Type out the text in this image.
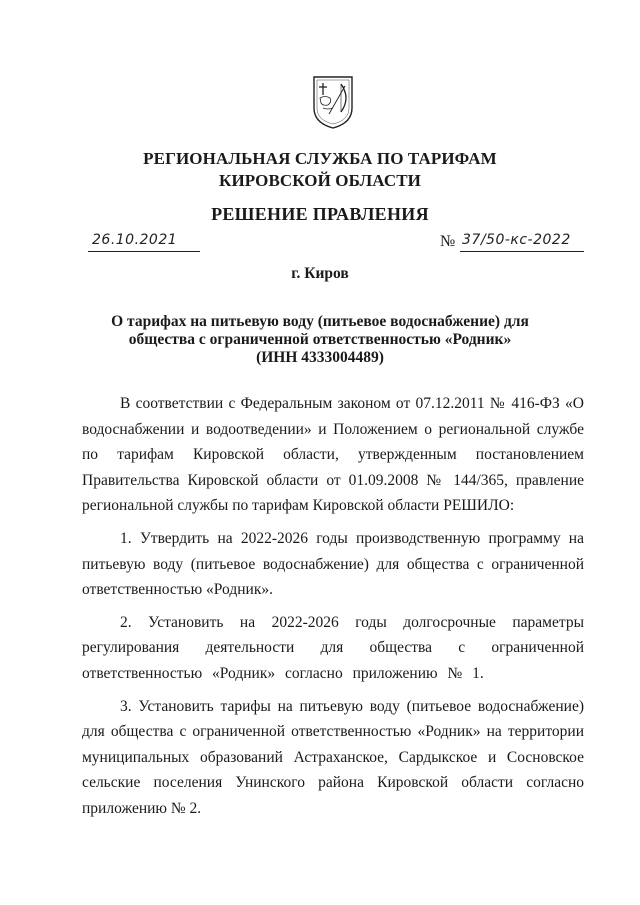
РЕГИОНАЛЬНАЯ СЛУЖБА ПО ТАРИФАМ
КИРОВСКОЙ ОБЛАСТИ
РЕШЕНИЕ ПРАВЛЕНИЯ
26.10.2021	№ 37/50-кс-2022
г. Киров
О тарифах на питьевую воду (питьевое водоснабжение) для
общества с ограниченной ответственностью «Родник»
(ИНН 4333004489)

В соответствии с Федеральным законом от 07.12.2011 № 416-ФЗ «О водоснабжении и водоотведении» и Положением о региональной службе по тарифам Кировской области, утвержденным постановлением Правительства Кировской области от 01.09.2008 № 144/365, правление региональной службы по тарифам Кировской области РЕШИЛО:

1. Утвердить на 2022-2026 годы производственную программу на питьевую воду (питьевое водоснабжение) для общества с ограниченной ответственностью «Родник».

2. Установить на 2022-2026 годы долгосрочные параметры регулирования деятельности для общества с ограниченной ответственностью «Родник» согласно приложению № 1.

3. Установить тарифы на питьевую воду (питьевое водоснабжение) для общества с ограниченной ответственностью «Родник» на территории муниципальных образований Астраханское, Сардыкское и Сосновское сельские поселения Унинского района Кировской области согласно приложению № 2.
